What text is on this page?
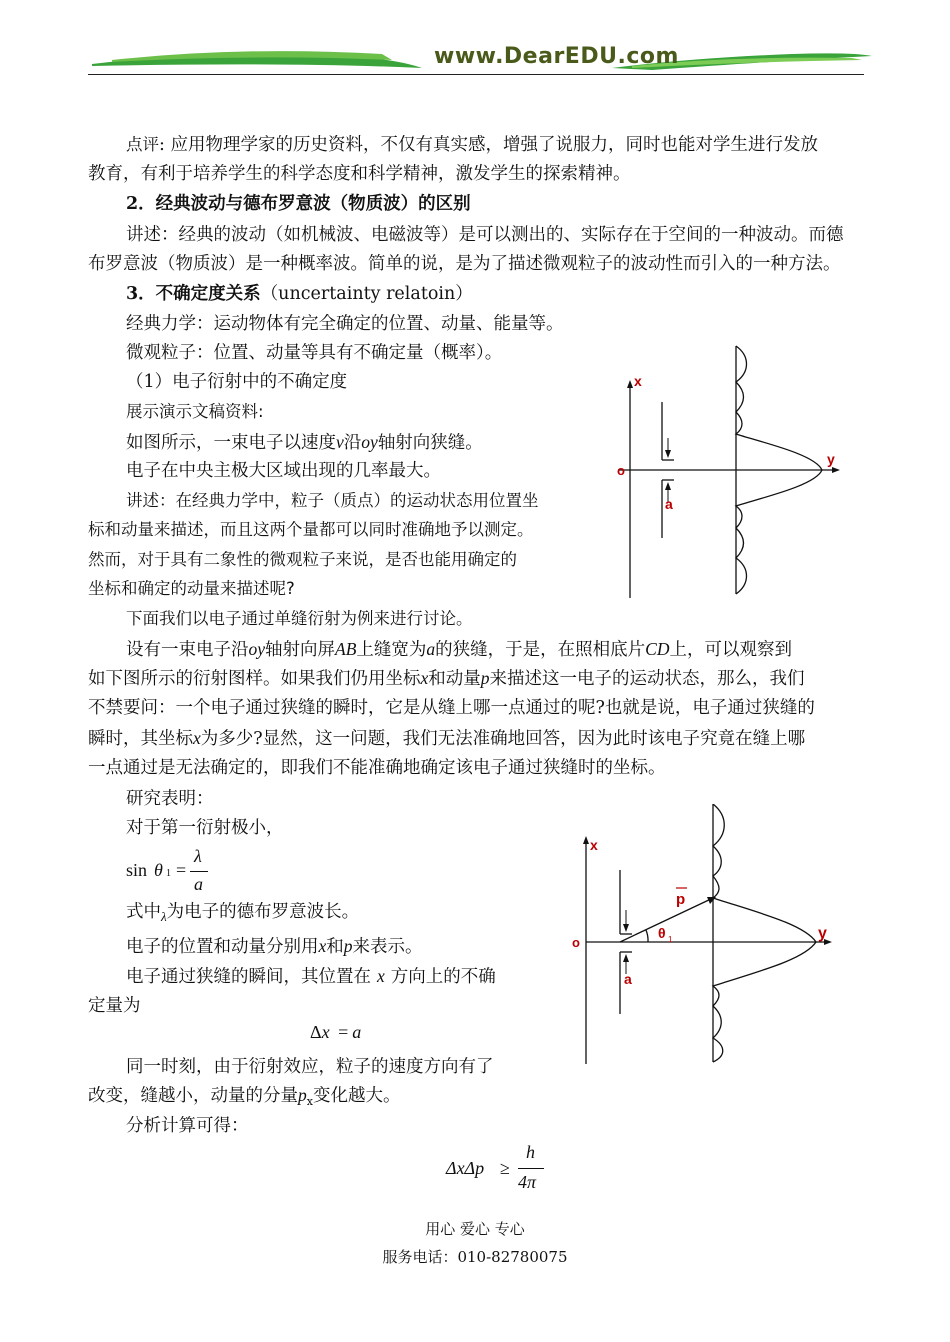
www.DearEDU.com
点评: 应用物理学家的历史资料，不仅有真实感，增强了说服力，同时也能对学生进行发放
教育，有利于培养学生的科学态度和科学精神，激发学生的探索精神。
2．经典波动与德布罗意波（物质波）的区别
讲述：经典的波动（如机械波、电磁波等）是可以测出的、实际存在于空间的一种波动。而德
布罗意波（物质波）是一种概率波。简单的说，是为了描述微观粒子的波动性而引入的一种方法。
3．不确定度关系（uncertainty relatoin）
经典力学：运动物体有完全确定的位置、动量、能量等。
微观粒子：位置、动量等具有不确定量（概率）。
（1）电子衍射中的不确定度
展示演示文稿资料:
如图所示，一束电子以速度v沿oy轴射向狭缝。
电子在中央主极大区域出现的几率最大。
讲述：在经典力学中，粒子（质点）的运动状态用位置坐
标和动量来描述，而且这两个量都可以同时准确地予以测定。
然而，对于具有二象性的微观粒子来说，是否也能用确定的
坐标和确定的动量来描述呢?
下面我们以电子通过单缝衍射为例来进行讨论。
设有一束电子沿oy轴射向屏AB上缝宽为a的狭缝，于是，在照相底片CD上，可以观察到
如下图所示的衍射图样。如果我们仍用坐标x和动量p来描述这一电子的运动状态，那么，我们
不禁要问：一个电子通过狭缝的瞬时，它是从缝上哪一点通过的呢?也就是说，电子通过狭缝的
瞬时，其坐标x为多少?显然，这一问题，我们无法准确地回答，因为此时该电子究竟在缝上哪
一点通过是无法确定的，即我们不能准确地确定该电子通过狭缝时的坐标。
研究表明：
对于第一衍射极小，
sin θ 1 =
λ
a
式中$_\lambda$为电子的德布罗意波长。
电子的位置和动量分别用x和p来表示。
电子通过狭缝的瞬间，其位置在 x 方向上的不确
定量为
Δx = a
同一时刻，由于衍射效应，粒子的速度方向有了
改变，缝越小，动量的分量$p_x$变化越大。
分析计算可得：
ΔxΔp ≥
h
4π
x
y
o
a
x
y
o
a
p
θ 1
用心 爱心 专心
服务电话：010-82780075
